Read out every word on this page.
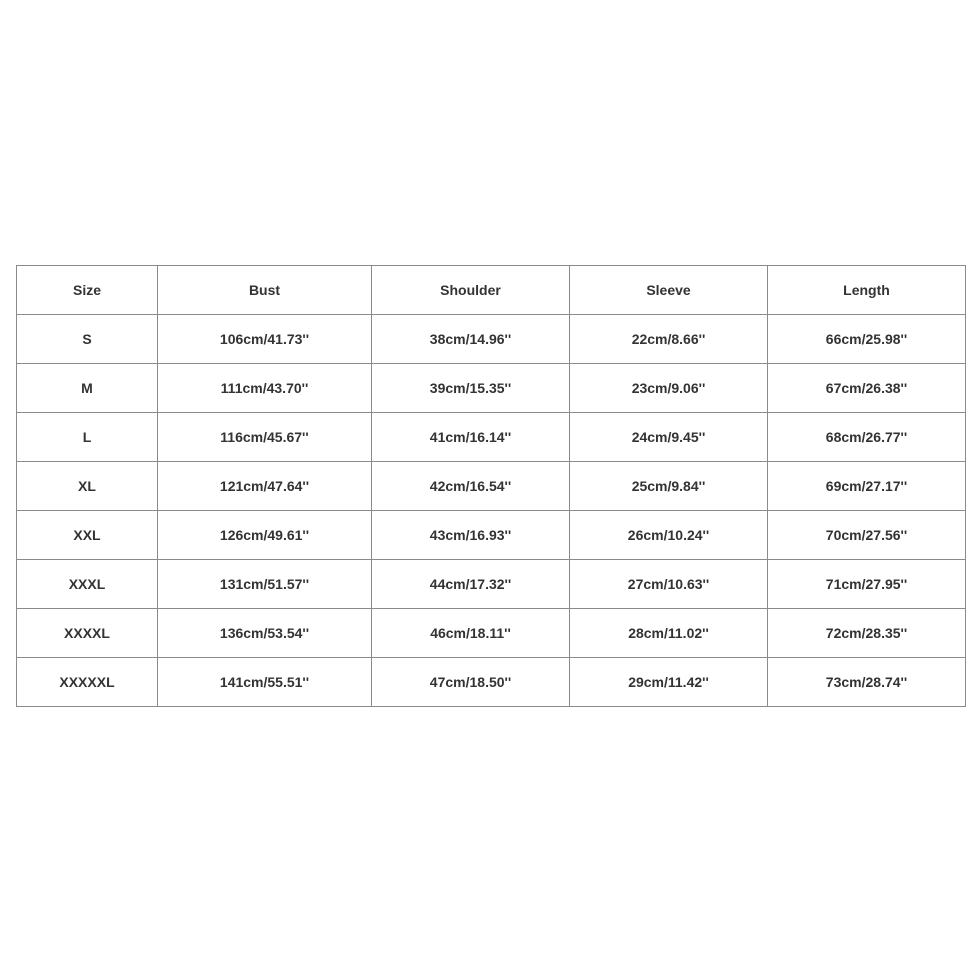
Size	Bust	Shoulder	Sleeve	Length
S	106cm/41.73''	38cm/14.96''	22cm/8.66''	66cm/25.98''
M	111cm/43.70''	39cm/15.35''	23cm/9.06''	67cm/26.38''
L	116cm/45.67''	41cm/16.14''	24cm/9.45''	68cm/26.77''
XL	121cm/47.64''	42cm/16.54''	25cm/9.84''	69cm/27.17''
XXL	126cm/49.61''	43cm/16.93''	26cm/10.24''	70cm/27.56''
XXXL	131cm/51.57''	44cm/17.32''	27cm/10.63''	71cm/27.95''
XXXXL	136cm/53.54''	46cm/18.11''	28cm/11.02''	72cm/28.35''
XXXXXL	141cm/55.51''	47cm/18.50''	29cm/11.42''	73cm/28.74''
